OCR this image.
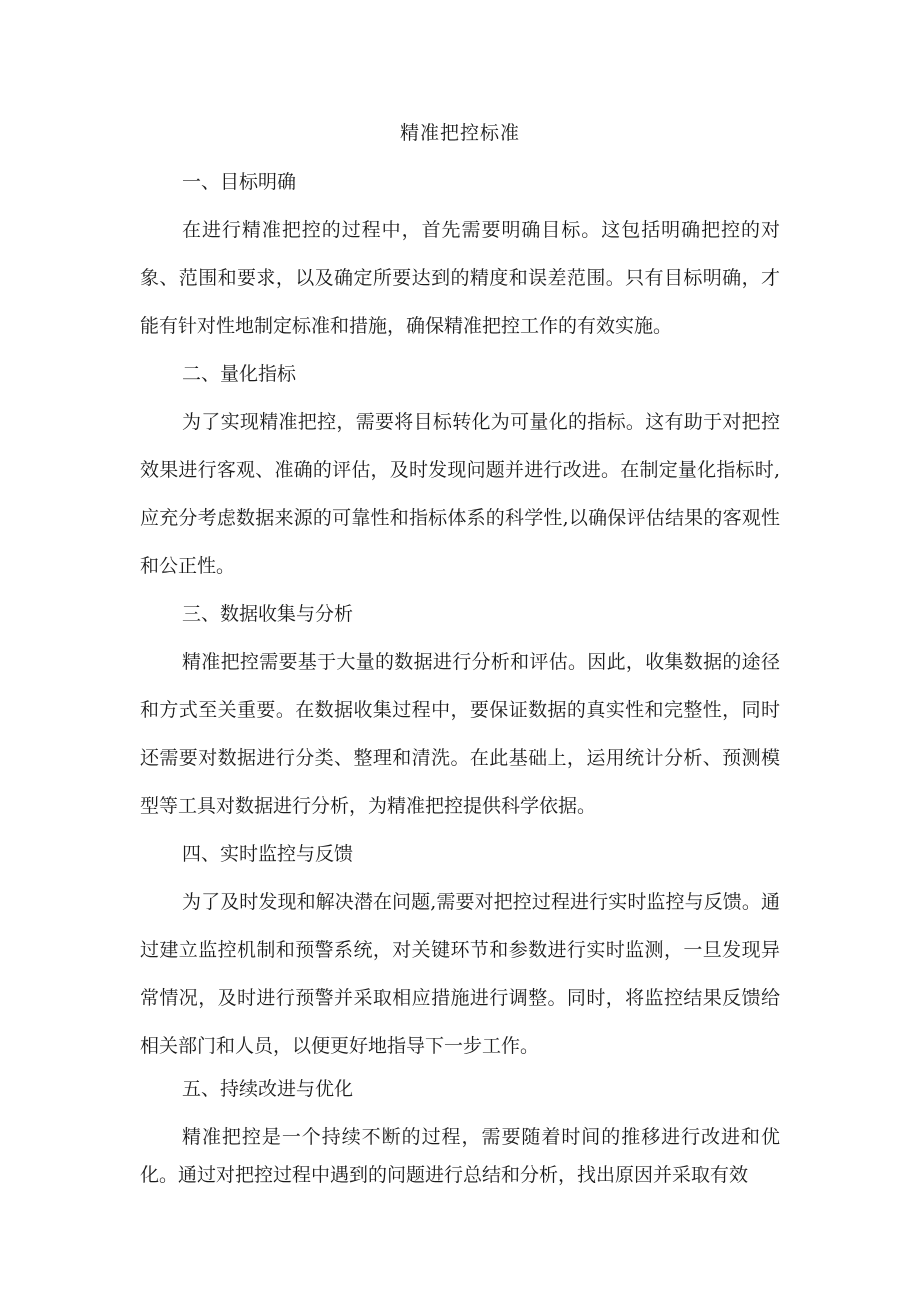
精准把控标准

一、目标明确

在进行精准把控的过程中，首先需要明确目标。这包括明确把控的对象、范围和要求，以及确定所要达到的精度和误差范围。只有目标明确，才能有针对性地制定标准和措施，确保精准把控工作的有效实施。

二、量化指标

为了实现精准把控，需要将目标转化为可量化的指标。这有助于对把控效果进行客观、准确的评估，及时发现问题并进行改进。在制定量化指标时,应充分考虑数据来源的可靠性和指标体系的科学性,以确保评估结果的客观性和公正性。

三、数据收集与分析

精准把控需要基于大量的数据进行分析和评估。因此，收集数据的途径和方式至关重要。在数据收集过程中，要保证数据的真实性和完整性，同时还需要对数据进行分类、整理和清洗。在此基础上，运用统计分析、预测模型等工具对数据进行分析，为精准把控提供科学依据。

四、实时监控与反馈

为了及时发现和解决潜在问题,需要对把控过程进行实时监控与反馈。通过建立监控机制和预警系统，对关键环节和参数进行实时监测，一旦发现异常情况，及时进行预警并采取相应措施进行调整。同时，将监控结果反馈给相关部门和人员，以便更好地指导下一步工作。

五、持续改进与优化

精准把控是一个持续不断的过程，需要随着时间的推移进行改进和优化。通过对把控过程中遇到的问题进行总结和分析，找出原因并采取有效
